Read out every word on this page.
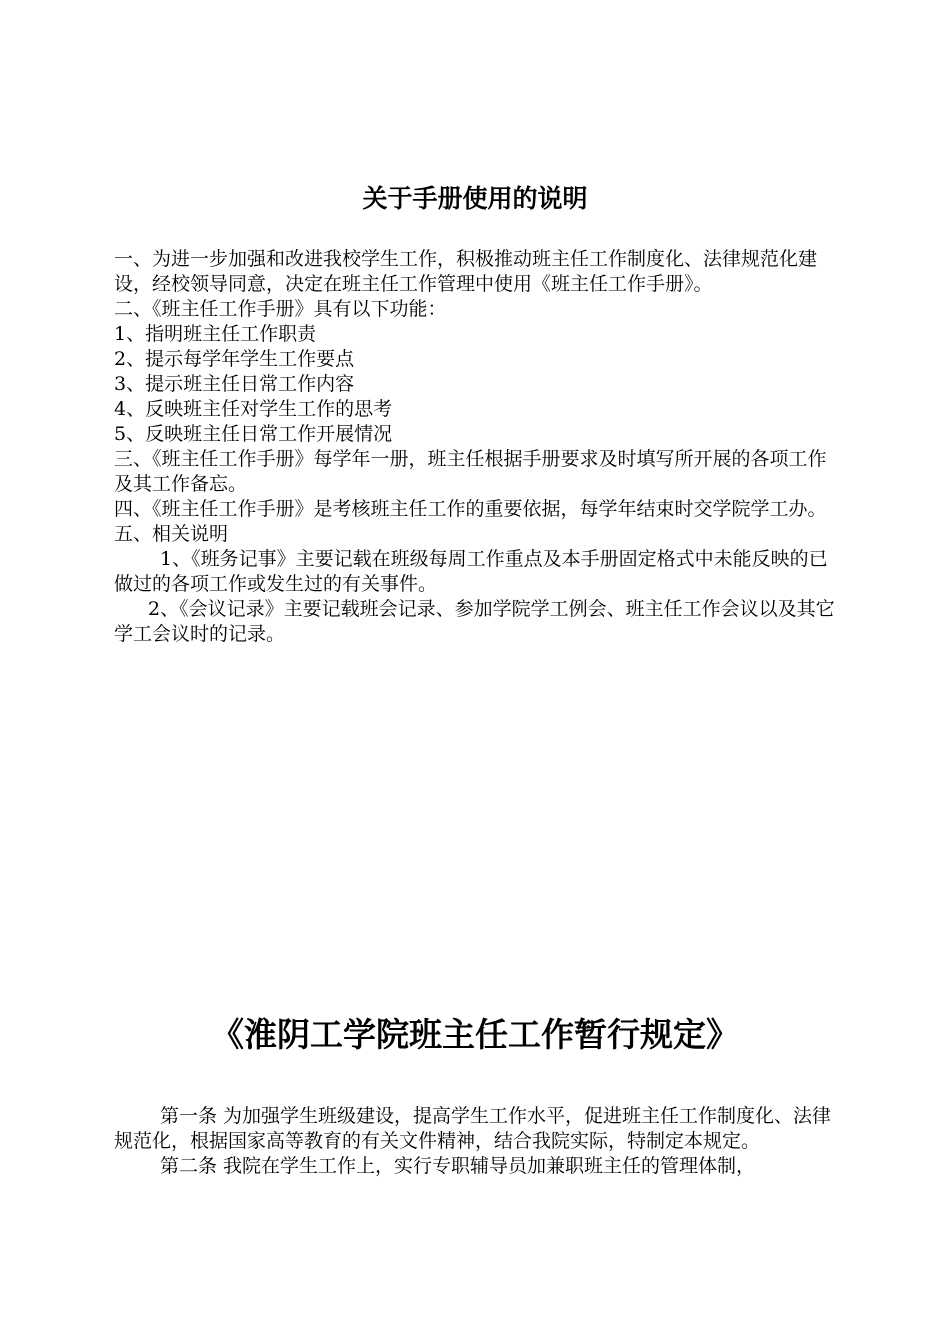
关于手册使用的说明

一、为进一步加强和改进我校学生工作，积极推动班主任工作制度化、法律规范化建设，经校领导同意，决定在班主任工作管理中使用《班主任工作手册》。

二、《班主任工作手册》具有以下功能：

1、指明班主任工作职责

2、提示每学年学生工作要点

3、提示班主任日常工作内容

4、反映班主任对学生工作的思考

5、反映班主任日常工作开展情况

三、《班主任工作手册》每学年一册，班主任根据手册要求及时填写所开展的各项工作及其工作备忘。

四、《班主任工作手册》是考核班主任工作的重要依据，每学年结束时交学院学工办。

五、相关说明

1、《班务记事》主要记载在班级每周工作重点及本手册固定格式中未能反映的已做过的各项工作或发生过的有关事件。

2、《会议记录》主要记载班会记录、参加学院学工例会、班主任工作会议以及其它学工会议时的记录。

《淮阴工学院班主任工作暂行规定》

第一条 为加强学生班级建设，提高学生工作水平，促进班主任工作制度化、法律规范化，根据国家高等教育的有关文件精神，结合我院实际，特制定本规定。

第二条 我院在学生工作上，实行专职辅导员加兼职班主任的管理体制，
